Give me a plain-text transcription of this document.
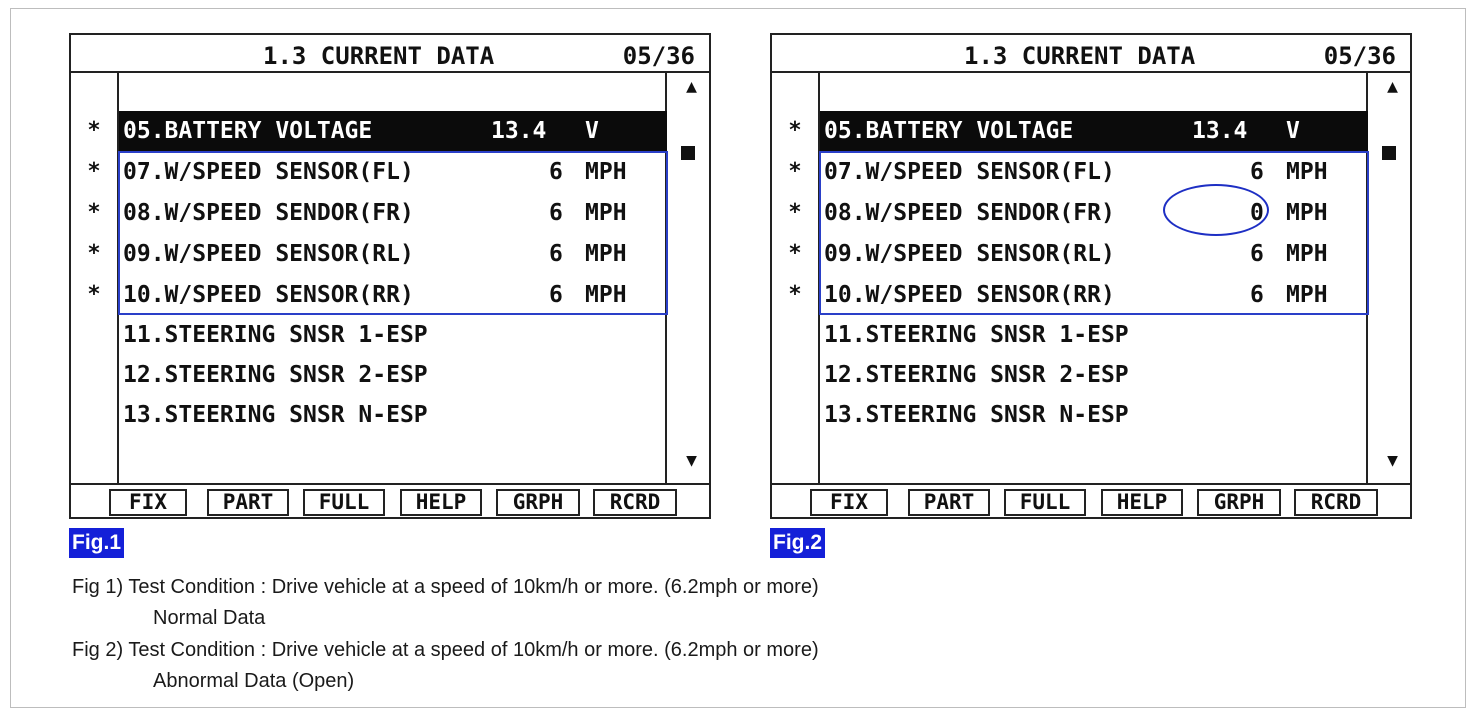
1.3 CURRENT DATA	05/36
* 05.BATTERY VOLTAGE	13.4 V
* 07.W/SPEED SENSOR(FL)	6 MPH
* 08.W/SPEED SENDOR(FR)	6 MPH
* 09.W/SPEED SENSOR(RL)	6 MPH
* 10.W/SPEED SENSOR(RR)	6 MPH
11.STEERING SNSR 1-ESP
12.STEERING SNSR 2-ESP
13.STEERING SNSR N-ESP
▲
▼
FIX	PART	FULL	HELP	GRPH	RCRD
Fig.1
1.3 CURRENT DATA	05/36
* 05.BATTERY VOLTAGE	13.4 V
* 07.W/SPEED SENSOR(FL)	6 MPH
* 08.W/SPEED SENDOR(FR)	0 MPH
* 09.W/SPEED SENSOR(RL)	6 MPH
* 10.W/SPEED SENSOR(RR)	6 MPH
11.STEERING SNSR 1-ESP
12.STEERING SNSR 2-ESP
13.STEERING SNSR N-ESP
▲
▼
FIX	PART	FULL	HELP	GRPH	RCRD
Fig.2
Fig 1) Test Condition : Drive vehicle at a speed of 10km/h or more. (6.2mph or more)
Normal Data
Fig 2) Test Condition : Drive vehicle at a speed of 10km/h or more. (6.2mph or more)
Abnormal Data (Open)
